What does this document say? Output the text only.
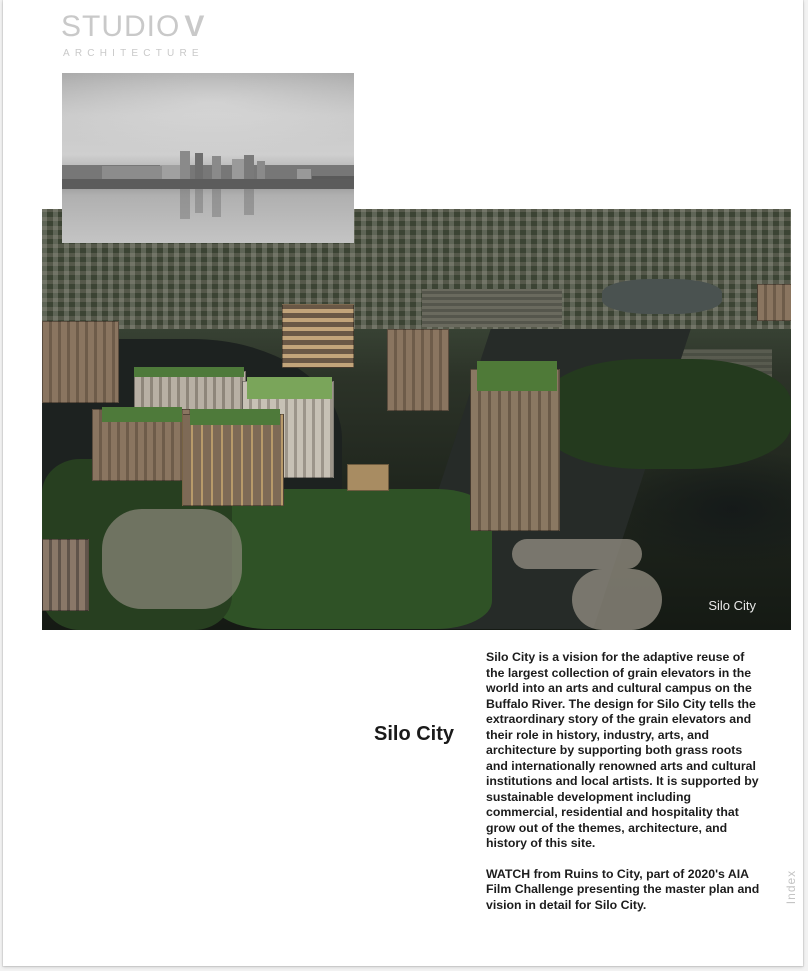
STUDIO V
ARCHITECTURE
Silo City
Silo City

Silo City is a vision for the adaptive reuse of the largest collection of grain elevators in the world into an arts and cultural campus on the Buffalo River. The design for Silo City tells the extraordinary story of the grain elevators and their role in history, industry, arts, and architecture by supporting both grass roots and internationally renowned arts and cultural institutions and local artists. It is supported by sustainable development including commercial, residential and hospitality that grow out of the themes, architecture, and history of this site.

WATCH from Ruins to City, part of 2020's AIA Film Challenge presenting the master plan and vision in detail for Silo City.

Index
